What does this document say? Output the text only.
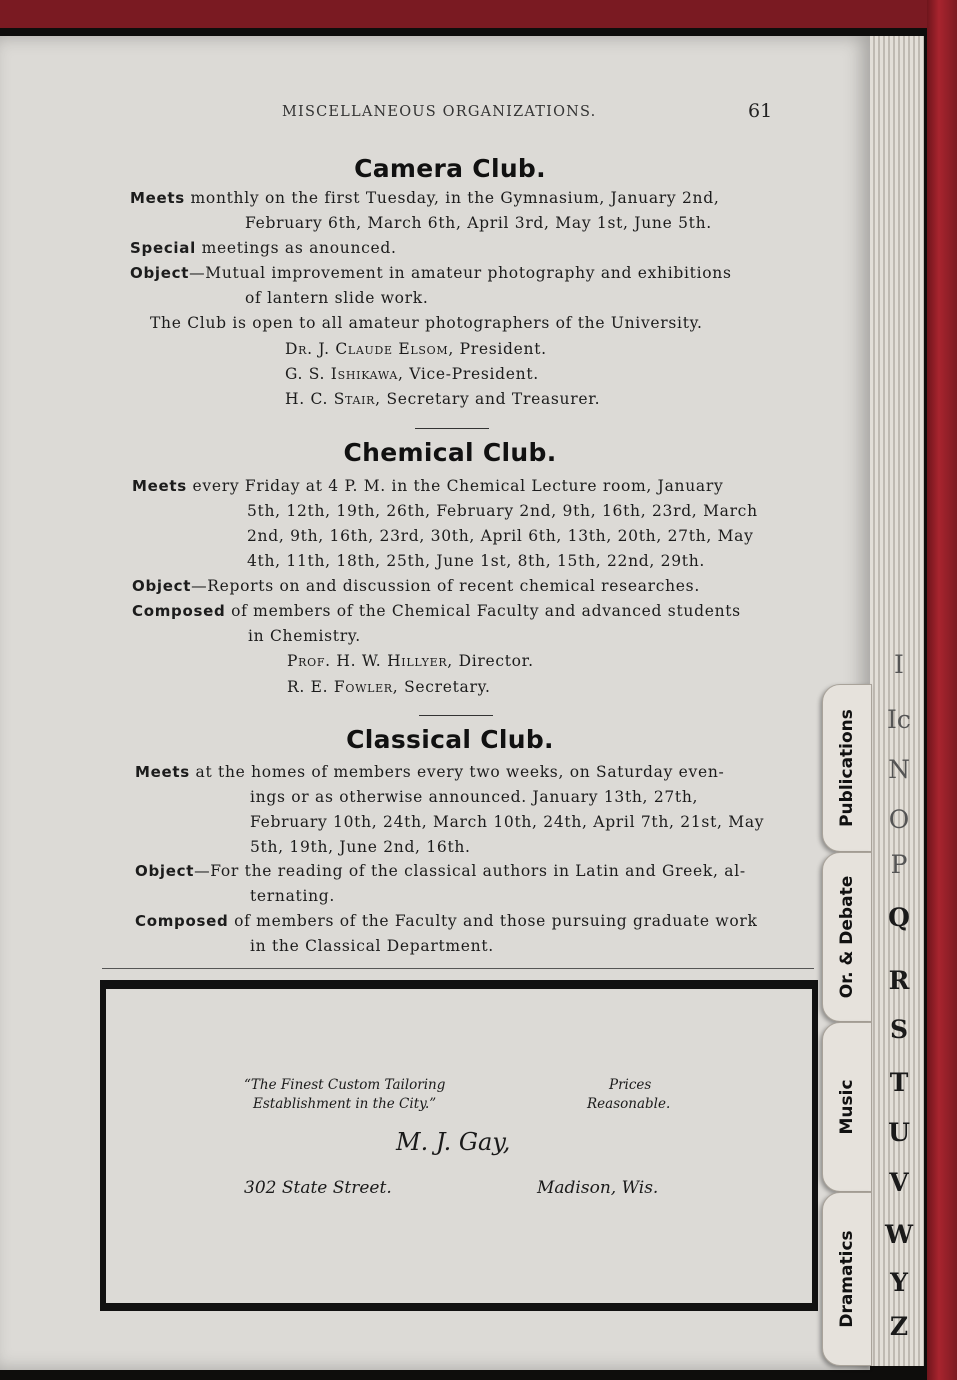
MISCELLANEOUS ORGANIZATIONS.	61
Camera Club.
Meets monthly on the first Tuesday, in the Gymnasium, January 2nd,
February 6th, March 6th, April 3rd, May 1st, June 5th.
Special meetings as anounced.
Object—Mutual improvement in amateur photography and exhibitions
of lantern slide work.
The Club is open to all amateur photographers of the University.
Dr. J. Claude Elsom, President.
G. S. Ishikawa, Vice-President.
H. C. Stair, Secretary and Treasurer.
Chemical Club.
Meets every Friday at 4 P. M. in the Chemical Lecture room, January
5th, 12th, 19th, 26th, February 2nd, 9th, 16th, 23rd, March
2nd, 9th, 16th, 23rd, 30th, April 6th, 13th, 20th, 27th, May
4th, 11th, 18th, 25th, June 1st, 8th, 15th, 22nd, 29th.
Object—Reports on and discussion of recent chemical researches.
Composed of members of the Chemical Faculty and advanced students
in Chemistry.
Prof. H. W. Hillyer, Director.
R. E. Fowler, Secretary.
Classical Club.
Meets at the homes of members every two weeks, on Saturday even-
ings or as otherwise announced. January 13th, 27th,
February 10th, 24th, March 10th, 24th, April 7th, 21st, May
5th, 19th, June 2nd, 16th.
Object—For the reading of the classical authors in Latin and Greek, al-
ternating.
Composed of members of the Faculty and those pursuing graduate work
in the Classical Department.
“The Finest Custom Tailoring
Establishment in the City.”
Prices
Reasonable.
M. J. Gay,
302 State Street.	Madison, Wis.
Publications
Or. & Debate
Music
Dramatics
I
Ic
N
O
P
Q
R
S
T
U
V
W
Y
Z
